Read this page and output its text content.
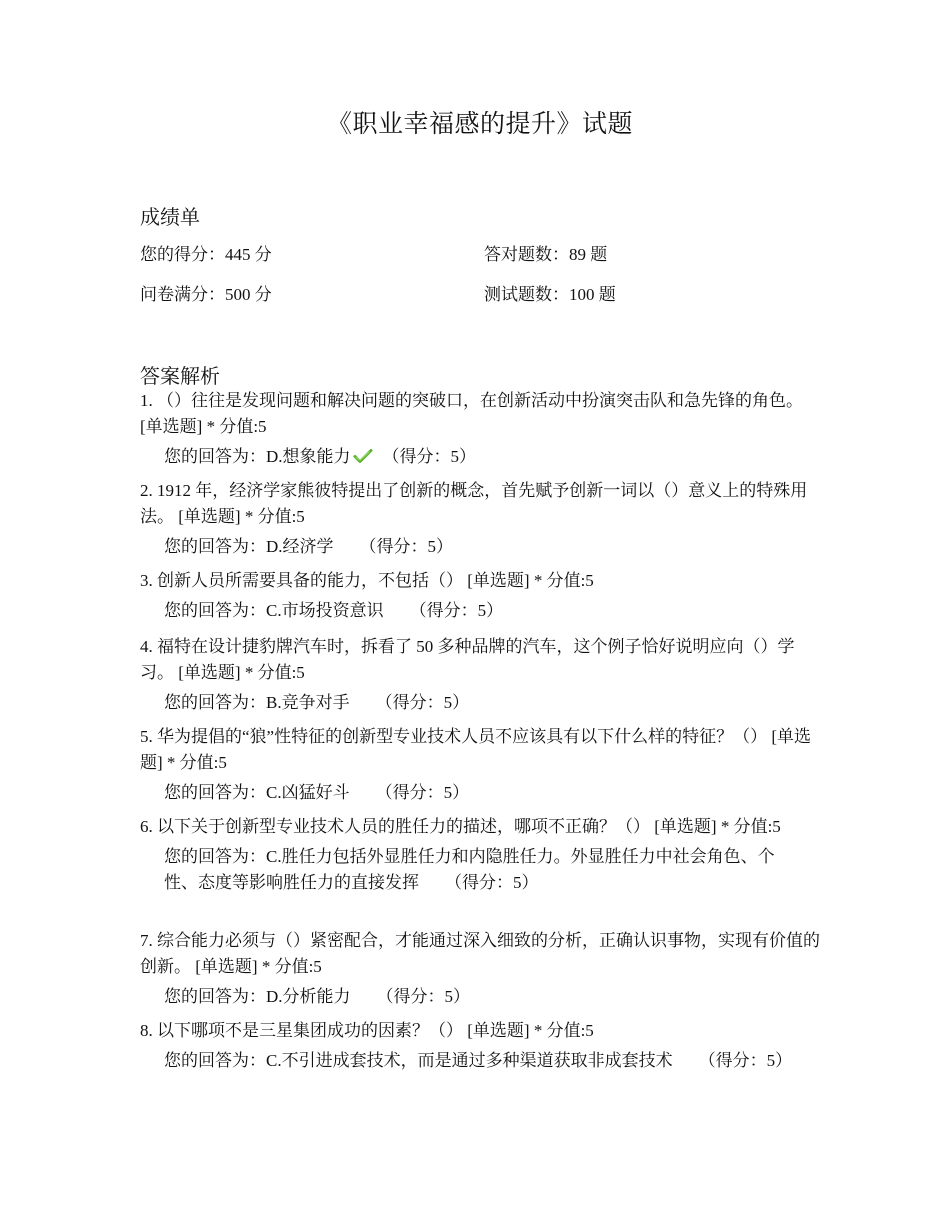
《职业幸福感的提升》试题
成绩单
您的得分：445 分	答对题数：89 题
问卷满分：500 分	测试题数：100 题
答案解析
1. （）往往是发现问题和解决问题的突破口，在创新活动中扮演突击队和急先锋的角色。 [单选题] * 分值:5
您的回答为：D.想象能力 （得分：5）
2. 1912 年，经济学家熊彼特提出了创新的概念，首先赋予创新一词以（）意义上的特殊用法。 [单选题] * 分值:5
您的回答为：D.经济学 （得分：5）
3. 创新人员所需要具备的能力，不包括（） [单选题] * 分值:5
您的回答为：C.市场投资意识 （得分：5）
4. 福特在设计捷豹牌汽车时，拆看了 50 多种品牌的汽车，这个例子恰好说明应向（）学习。 [单选题] * 分值:5
您的回答为：B.竞争对手 （得分：5）
5. 华为提倡的“狼”性特征的创新型专业技术人员不应该具有以下什么样的特征？（） [单选题] * 分值:5
您的回答为：C.凶猛好斗 （得分：5）
6. 以下关于创新型专业技术人员的胜任力的描述，哪项不正确？（） [单选题] * 分值:5
您的回答为：C.胜任力包括外显胜任力和内隐胜任力。外显胜任力中社会角色、个性、态度等影响胜任力的直接发挥 （得分：5）
7. 综合能力必须与（）紧密配合，才能通过深入细致的分析，正确认识事物，实现有价值的创新。 [单选题] * 分值:5
您的回答为：D.分析能力 （得分：5）
8. 以下哪项不是三星集团成功的因素？（） [单选题] * 分值:5
您的回答为：C.不引进成套技术，而是通过多种渠道获取非成套技术 （得分：5）
